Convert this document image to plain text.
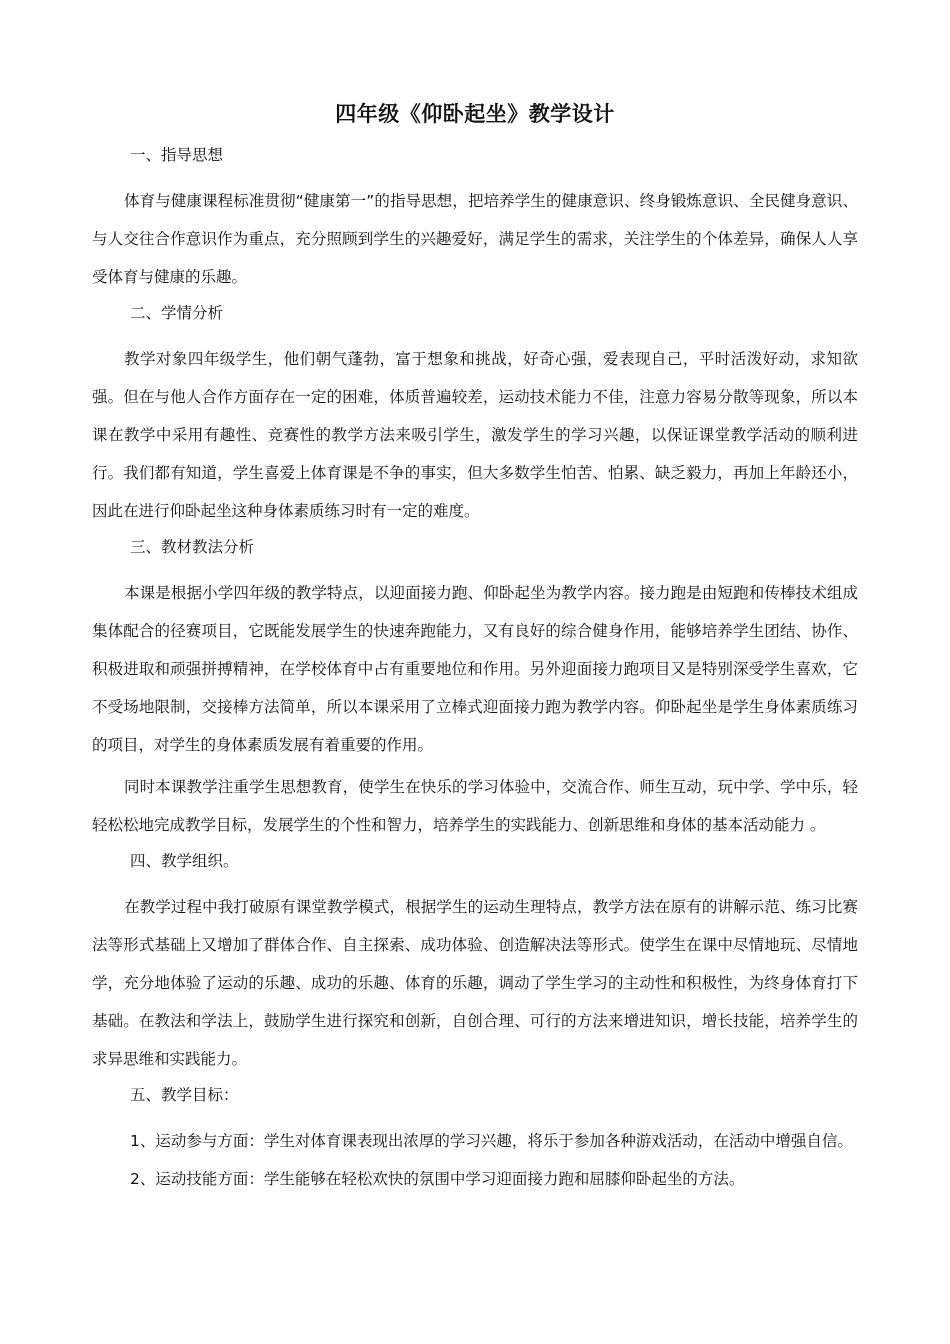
四年级《仰卧起坐》教学设计

一、指导思想

体育与健康课程标准贯彻“健康第一”的指导思想，把培养学生的健康意识、终身锻炼意识、全民健身意识、与人交往合作意识作为重点，充分照顾到学生的兴趣爱好，满足学生的需求，关注学生的个体差异，确保人人享受体育与健康的乐趣。

二、学情分析

教学对象四年级学生，他们朝气蓬勃，富于想象和挑战，好奇心强，爱表现自己，平时活泼好动，求知欲强。但在与他人合作方面存在一定的困难，体质普遍较差，运动技术能力不佳，注意力容易分散等现象，所以本课在教学中采用有趣性、竞赛性的教学方法来吸引学生，激发学生的学习兴趣，以保证课堂教学活动的顺利进行。我们都有知道，学生喜爱上体育课是不争的事实，但大多数学生怕苦、怕累、缺乏毅力，再加上年龄还小，因此在进行仰卧起坐这种身体素质练习时有一定的难度。

三、教材教法分析

本课是根据小学四年级的教学特点，以迎面接力跑、仰卧起坐为教学内容。接力跑是由短跑和传棒技术组成集体配合的径赛项目，它既能发展学生的快速奔跑能力，又有良好的综合健身作用，能够培养学生团结、协作、积极进取和顽强拼搏精神，在学校体育中占有重要地位和作用。另外迎面接力跑项目又是特别深受学生喜欢，它不受场地限制，交接棒方法简单，所以本课采用了立棒式迎面接力跑为教学内容。仰卧起坐是学生身体素质练习的项目，对学生的身体素质发展有着重要的作用。

同时本课教学注重学生思想教育，使学生在快乐的学习体验中，交流合作、师生互动，玩中学、学中乐，轻轻松松地完成教学目标，发展学生的个性和智力，培养学生的实践能力、创新思维和身体的基本活动能力 。

四、教学组织。

在教学过程中我打破原有课堂教学模式，根据学生的运动生理特点，教学方法在原有的讲解示范、练习比赛法等形式基础上又增加了群体合作、自主探索、成功体验、创造解决法等形式。使学生在课中尽情地玩、尽情地学，充分地体验了运动的乐趣、成功的乐趣、体育的乐趣，调动了学生学习的主动性和积极性，为终身体育打下基础。在教法和学法上，鼓励学生进行探究和创新，自创合理、可行的方法来增进知识，增长技能，培养学生的求异思维和实践能力。

五、教学目标：

1、运动参与方面：学生对体育课表现出浓厚的学习兴趣，将乐于参加各种游戏活动，在活动中增强自信。

2、运动技能方面：学生能够在轻松欢快的氛围中学习迎面接力跑和屈膝仰卧起坐的方法。
